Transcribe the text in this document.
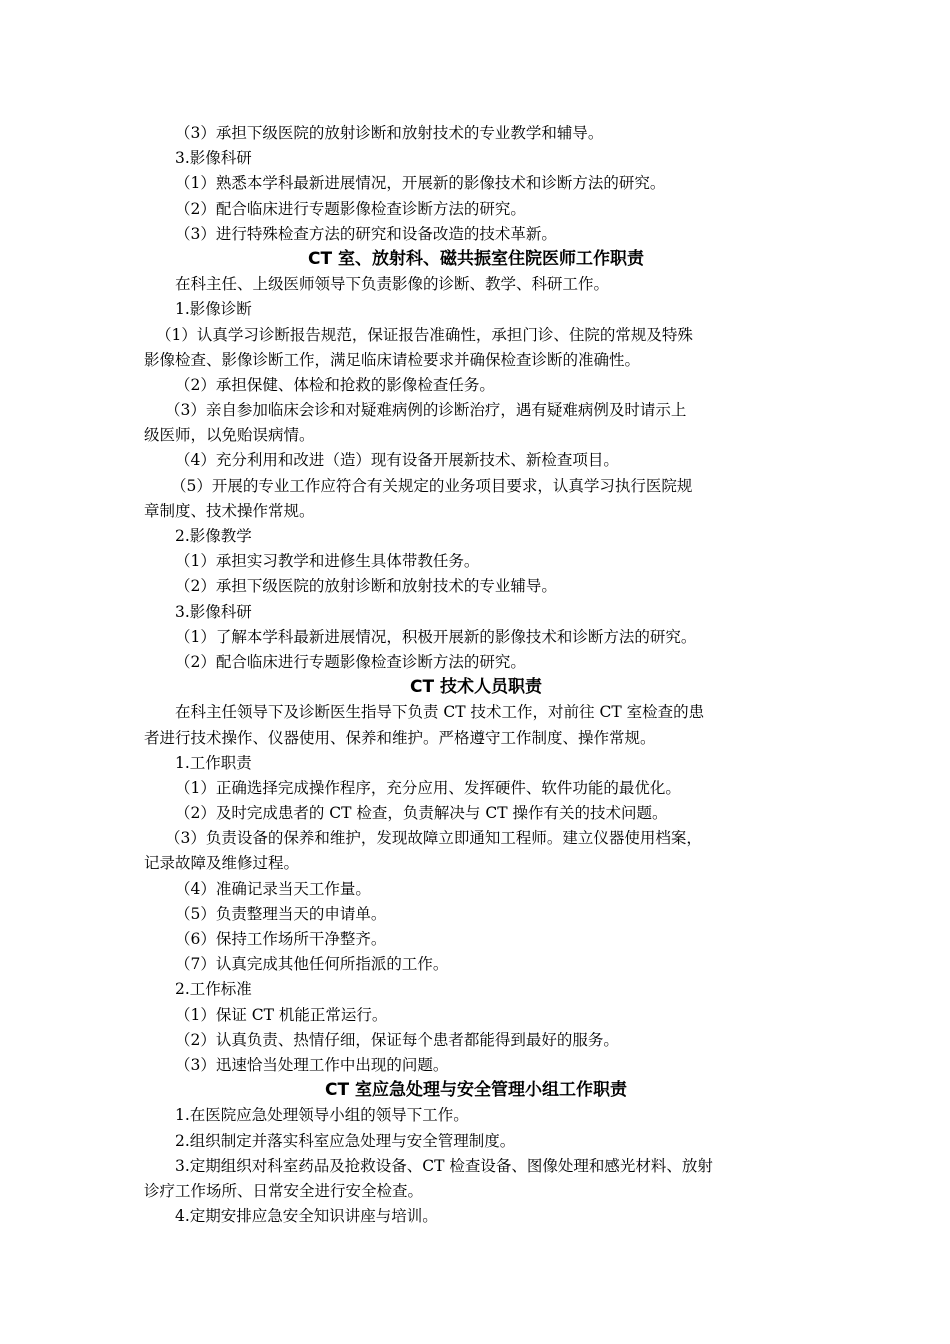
（3）承担下级医院的放射诊断和放射技术的专业教学和辅导。
3.影像科研
（1）熟悉本学科最新进展情况，开展新的影像技术和诊断方法的研究。
（2）配合临床进行专题影像检查诊断方法的研究。
（3）进行特殊检查方法的研究和设备改造的技术革新。
CT 室、放射科、磁共振室住院医师工作职责
在科主任、上级医师领导下负责影像的诊断、教学、科研工作。
1.影像诊断
（1）认真学习诊断报告规范，保证报告准确性，承担门诊、住院的常规及特殊
影像检查、影像诊断工作，满足临床请检要求并确保检查诊断的准确性。
（2）承担保健、体检和抢救的影像检查任务。
（3）亲自参加临床会诊和对疑难病例的诊断治疗，遇有疑难病例及时请示上
级医师，以免贻误病情。
（4）充分利用和改进（造）现有设备开展新技术、新检查项目。
（5）开展的专业工作应符合有关规定的业务项目要求，认真学习执行医院规
章制度、技术操作常规。
2.影像教学
（1）承担实习教学和进修生具体带教任务。
（2）承担下级医院的放射诊断和放射技术的专业辅导。
3.影像科研
（1）了解本学科最新进展情况，积极开展新的影像技术和诊断方法的研究。
（2）配合临床进行专题影像检查诊断方法的研究。
CT 技术人员职责
在科主任领导下及诊断医生指导下负责 CT 技术工作，对前往 CT 室检查的患
者进行技术操作、仪器使用、保养和维护。严格遵守工作制度、操作常规。
1.工作职责
（1）正确选择完成操作程序，充分应用、发挥硬件、软件功能的最优化。
（2）及时完成患者的 CT 检查，负责解决与 CT 操作有关的技术问题。
（3）负责设备的保养和维护，发现故障立即通知工程师。建立仪器使用档案，
记录故障及维修过程。
（4）准确记录当天工作量。
（5）负责整理当天的申请单。
（6）保持工作场所干净整齐。
（7）认真完成其他任何所指派的工作。
2.工作标准
（1）保证 CT 机能正常运行。
（2）认真负责、热情仔细，保证每个患者都能得到最好的服务。
（3）迅速恰当处理工作中出现的问题。
CT 室应急处理与安全管理小组工作职责
1.在医院应急处理领导小组的领导下工作。
2.组织制定并落实科室应急处理与安全管理制度。
3.定期组织对科室药品及抢救设备、CT 检查设备、图像处理和感光材料、放射
诊疗工作场所、日常安全进行安全检查。
4.定期安排应急安全知识讲座与培训。
